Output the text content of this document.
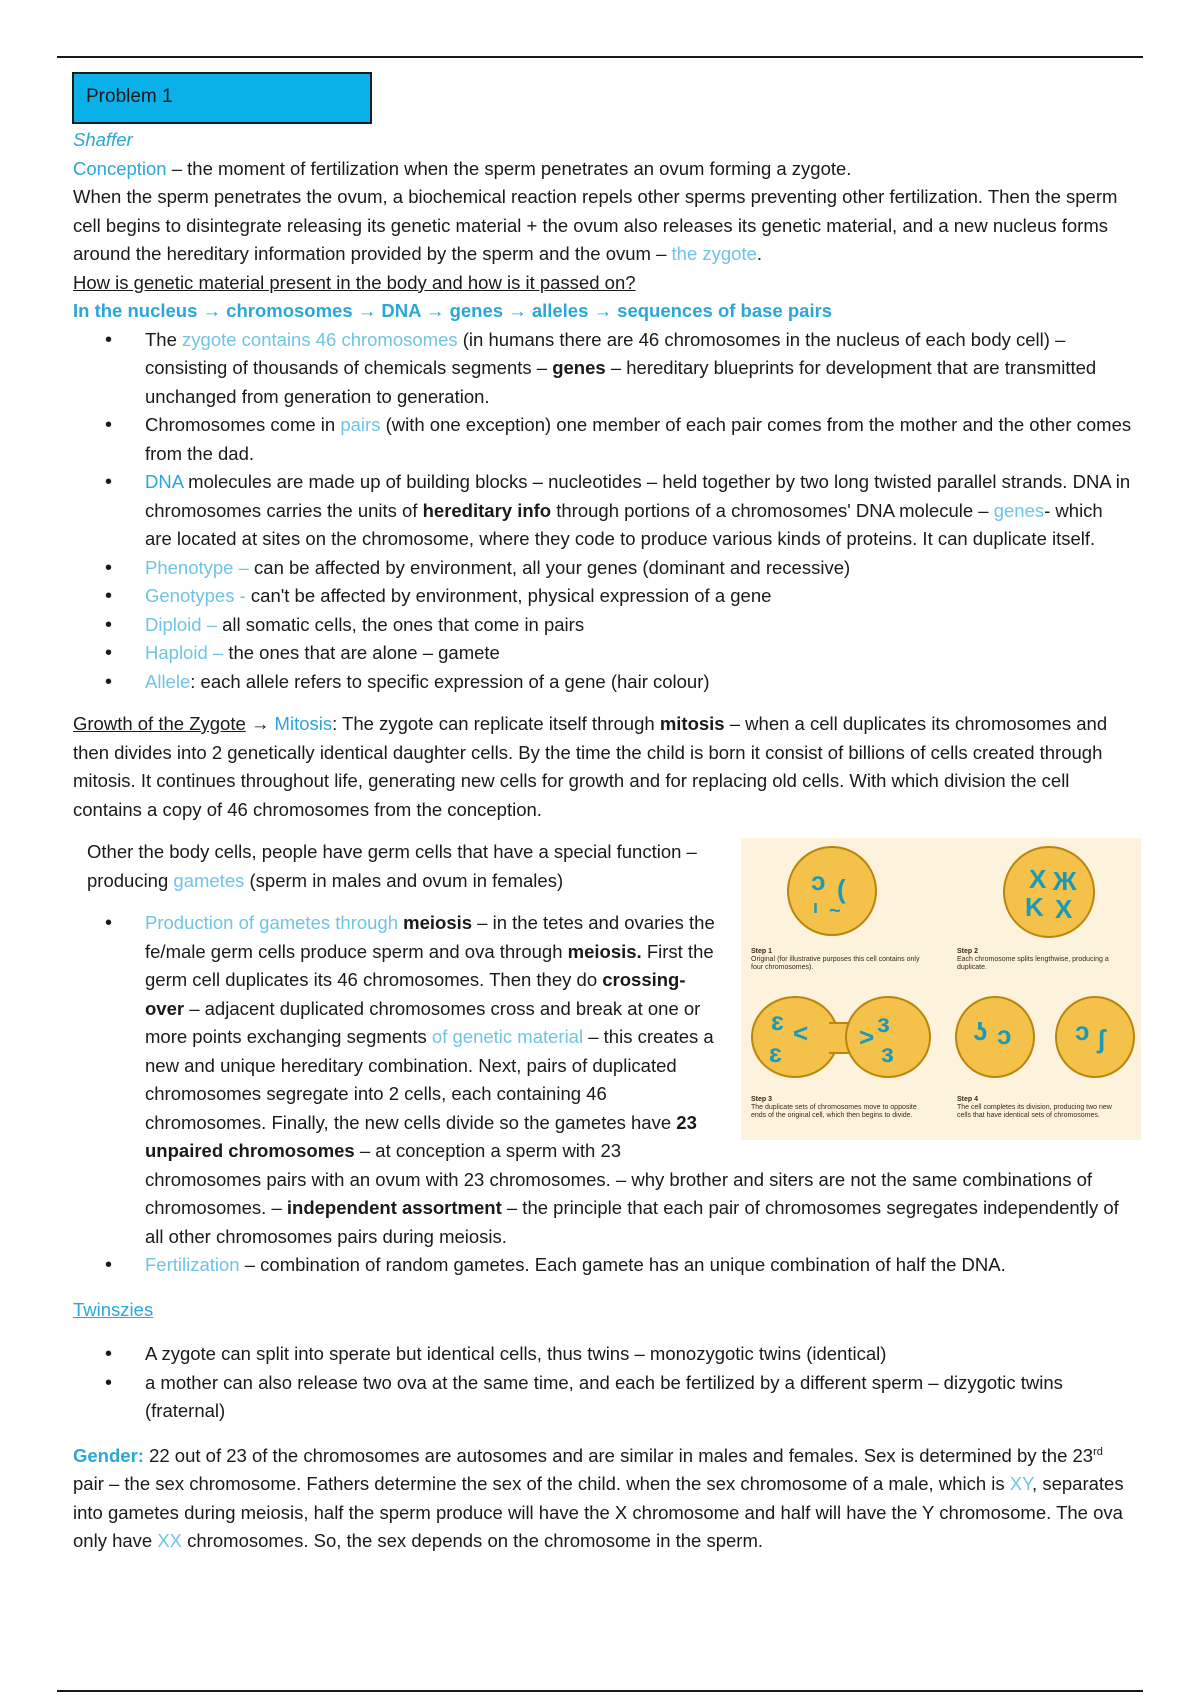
Problem 1

Shaffer

Conception – the moment of fertilization when the sperm penetrates an ovum forming a zygote.

When the sperm penetrates the ovum, a biochemical reaction repels other sperms preventing other fertilization. Then the sperm cell begins to disintegrate releasing its genetic material + the ovum also releases its genetic material, and a new nucleus forms around the hereditary information provided by the sperm and the ovum – the zygote.

How is genetic material present in the body and how is it passed on?

In the nucleus → chromosomes → DNA → genes → alleles → sequences of base pairs

• The zygote contains 46 chromosomes (in humans there are 46 chromosomes in the nucleus of each body cell) – consisting of thousands of chemicals segments – genes – hereditary blueprints for development that are transmitted unchanged from generation to generation.
• Chromosomes come in pairs (with one exception) one member of each pair comes from the mother and the other comes from the dad.
• DNA molecules are made up of building blocks – nucleotides – held together by two long twisted parallel strands. DNA in chromosomes carries the units of hereditary info through portions of a chromosomes' DNA molecule – genes- which are located at sites on the chromosome, where they code to produce various kinds of proteins. It can duplicate itself.
• Phenotype – can be affected by environment, all your genes (dominant and recessive)
• Genotypes - can't be affected by environment, physical expression of a gene
• Diploid – all somatic cells, the ones that come in pairs
• Haploid – the ones that are alone – gamete
• Allele: each allele refers to specific expression of a gene (hair colour)

Growth of the Zygote → Mitosis: The zygote can replicate itself through mitosis – when a cell duplicates its chromosomes and then divides into 2 genetically identical daughter cells. By the time the child is born it consist of billions of cells created through mitosis. It continues throughout life, generating new cells for growth and for replacing old cells. With which division the cell contains a copy of 46 chromosomes from the conception.

ɔ (
ı ~
Step 1
Original (for illustrative purposes this cell contains only four chromosomes).
X Ж
K X
Step 2
Each chromosome splits lengthwise, producing a duplicate.
ɛ <
ɛ
ɜ
>
ɜ
Step 3
The duplicate sets of chromosomes move to opposite ends of the original cell, which then begins to divide.
ʖ ɔ ɔ ʃ
Step 4
The cell completes its division, producing two new cells that have identical sets of chromosomes.

Other the body cells, people have germ cells that have a special function – producing gametes (sperm in males and ovum in females)

• Production of gametes through meiosis – in the tetes and ovaries the fe/male germ cells produce sperm and ova through meiosis. First the germ cell duplicates its 46 chromosomes. Then they do crossing-over – adjacent duplicated chromosomes cross and break at one or more points exchanging segments of genetic material – this creates a new and unique hereditary combination. Next, pairs of duplicated chromosomes segregate into 2 cells, each containing 46 chromosomes. Finally, the new cells divide so the gametes have 23 unpaired chromosomes – at conception a sperm with 23 chromosomes pairs with an ovum with 23 chromosomes. – why brother and siters are not the same combinations of chromosomes. – independent assortment – the principle that each pair of chromosomes segregates independently of all other chromosomes pairs during meiosis.
• Fertilization – combination of random gametes. Each gamete has an unique combination of half the DNA.

Twinszies

• A zygote can split into sperate but identical cells, thus twins – monozygotic twins (identical)
• a mother can also release two ova at the same time, and each be fertilized by a different sperm – dizygotic twins (fraternal)

Gender: 22 out of 23 of the chromosomes are autosomes and are similar in males and females. Sex is determined by the 23rd pair – the sex chromosome. Fathers determine the sex of the child. when the sex chromosome of a male, which is XY, separates into gametes during meiosis, half the sperm produce will have the X chromosome and half will have the Y chromosome. The ova only have XX chromosomes. So, the sex depends on the chromosome in the sperm.
